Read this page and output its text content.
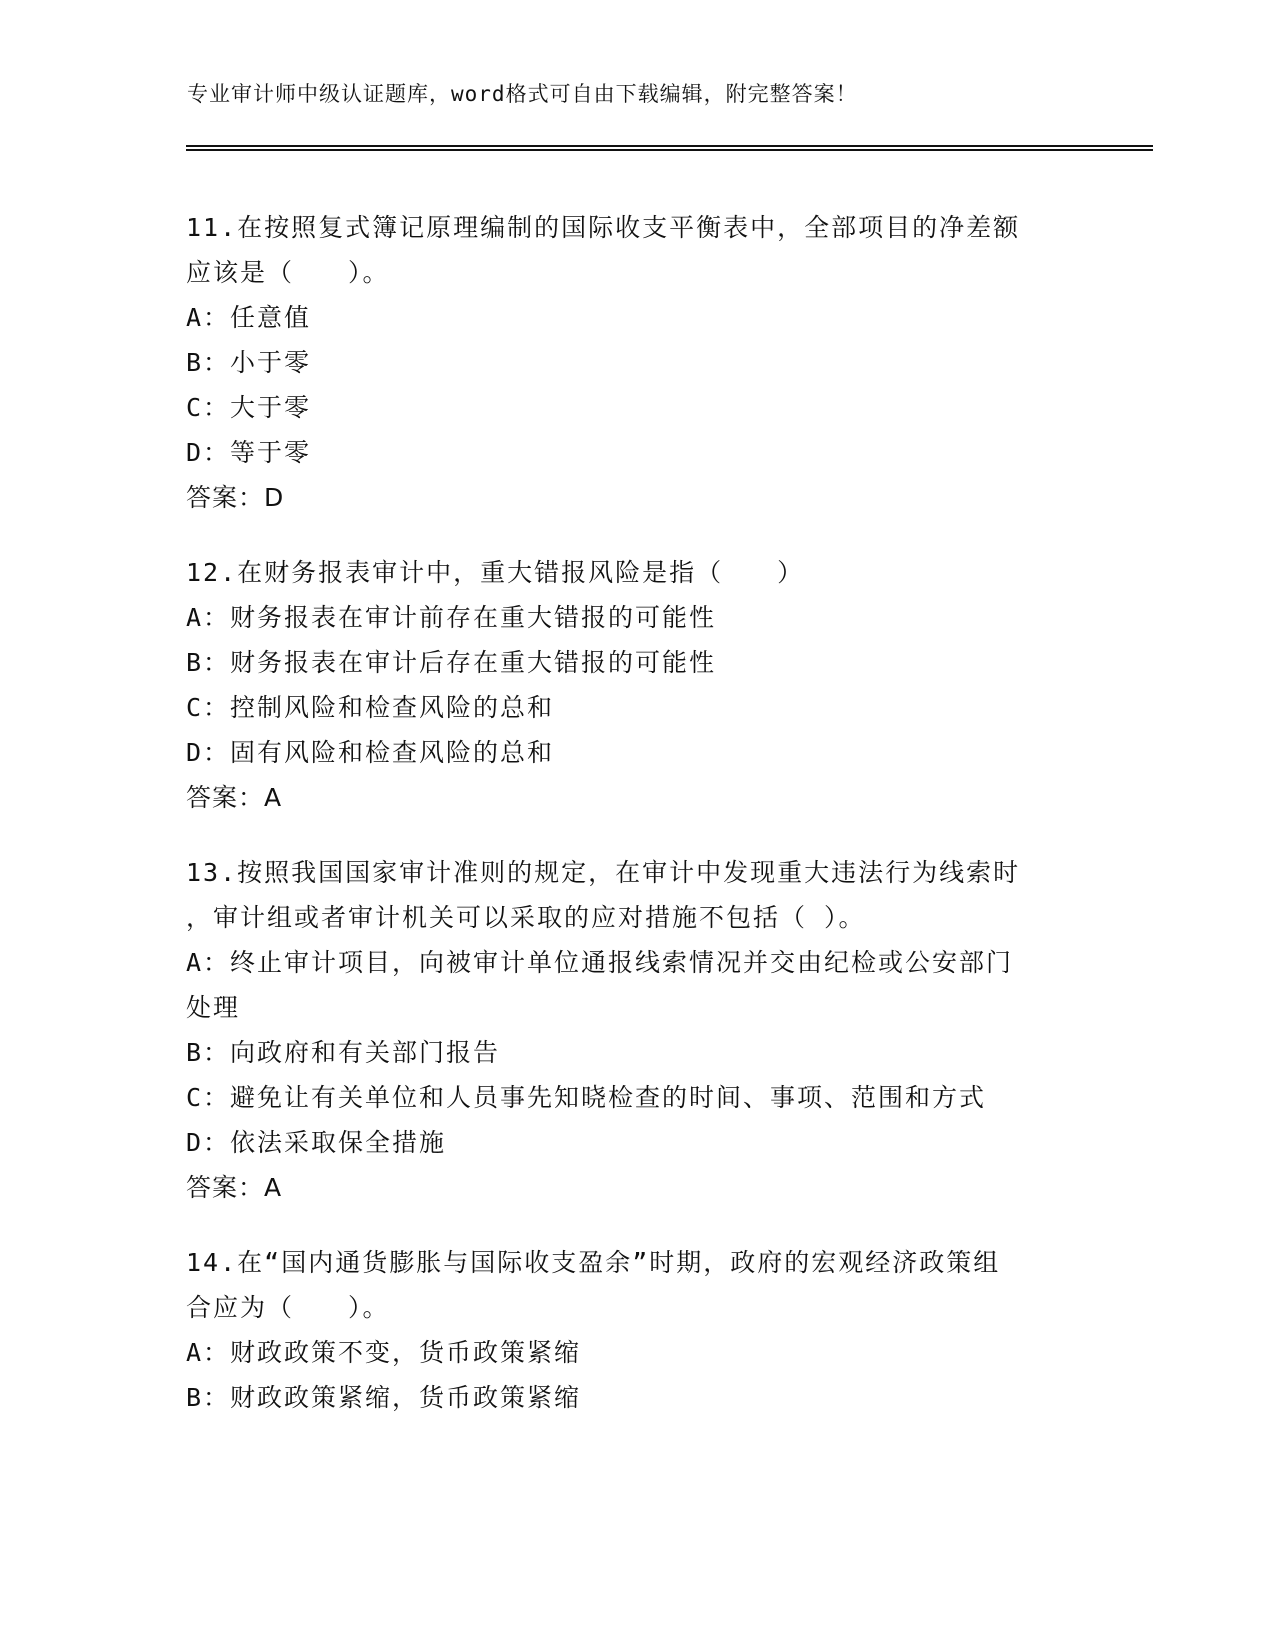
专业审计师中级认证题库，word格式可自由下载编辑，附完整答案！
11.在按照复式簿记原理编制的国际收支平衡表中，全部项目的净差额
应该是（　　）。
A：任意值
B：小于零
C：大于零
D：等于零
答案：D
12.在财务报表审计中，重大错报风险是指（　　）
A：财务报表在审计前存在重大错报的可能性
B：财务报表在审计后存在重大错报的可能性
C：控制风险和检查风险的总和
D：固有风险和检查风险的总和
答案：A
13.按照我国国家审计准则的规定，在审计中发现重大违法行为线索时
，审计组或者审计机关可以采取的应对措施不包括（ ）。
A：终止审计项目，向被审计单位通报线索情况并交由纪检或公安部门
处理
B：向政府和有关部门报告
C：避免让有关单位和人员事先知晓检查的时间、事项、范围和方式
D：依法采取保全措施
答案：A
14.在“国内通货膨胀与国际收支盈余”时期，政府的宏观经济政策组
合应为（　　）。
A：财政政策不变，货币政策紧缩
B：财政政策紧缩，货币政策紧缩
